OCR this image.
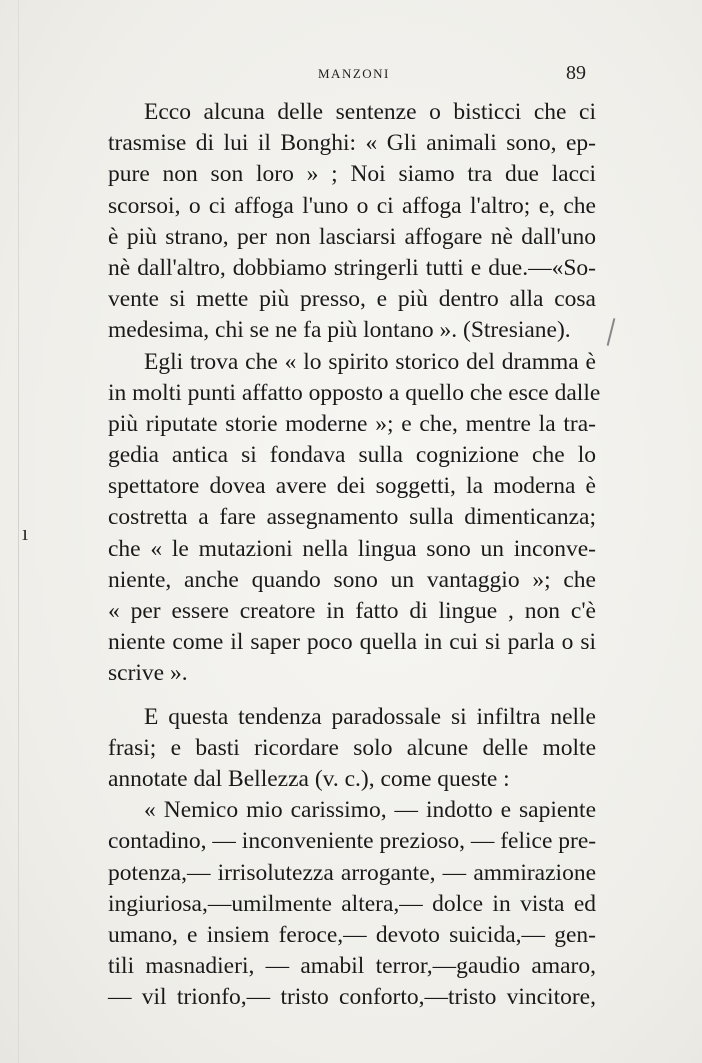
MANZONI	89
ı
Ecco alcuna delle sentenze o bisticci che ci
trasmise di lui il Bonghi: « Gli animali sono, ep-
pure non son loro » ; Noi siamo tra due lacci
scorsoi, o ci affoga l'uno o ci affoga l'altro; e, che
è più strano, per non lasciarsi affogare nè dall'uno
nè dall'altro, dobbiamo stringerli tutti e due.—«So-
vente si mette più presso, e più dentro alla cosa
medesima, chi se ne fa più lontano ». (Stresiane).
Egli trova che « lo spirito storico del dramma è
in molti punti affatto opposto a quello che esce dalle
più riputate storie moderne »; e che, mentre la tra-
gedia antica si fondava sulla cognizione che lo
spettatore dovea avere dei soggetti, la moderna è
costretta a fare assegnamento sulla dimenticanza;
che « le mutazioni nella lingua sono un inconve-
niente, anche quando sono un vantaggio »; che
« per essere creatore in fatto di lingue , non c'è
niente come il saper poco quella in cui si parla o si
scrive ».
E questa tendenza paradossale si infiltra nelle
frasi; e basti ricordare solo alcune delle molte
annotate dal Bellezza (v. c.), come queste :
« Nemico mio carissimo, — indotto e sapiente
contadino, — inconveniente prezioso, — felice pre-
potenza,— irrisolutezza arrogante, — ammirazione
ingiuriosa,—umilmente altera,— dolce in vista ed
umano, e insiem feroce,— devoto suicida,— gen-
tili masnadieri, — amabil terror,—gaudio amaro,
— vil trionfo,— tristo conforto,—tristo vincitore,
